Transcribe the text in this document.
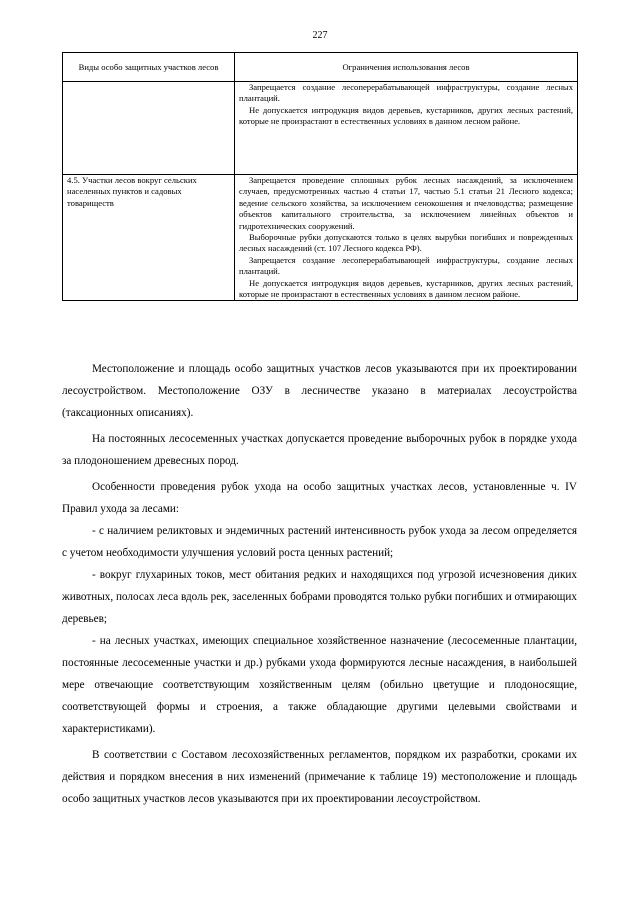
227
Виды особо защитных участков лесов	Ограничения использования лесов

	Запрещается создание лесоперерабатывающей инфраструктуры, создание лесных плантаций.

Не допускается интродукция видов деревьев, кустарников, других лесных растений, которые не произрастают в естественных условиях в данном лесном районе.

4.5. Участки лесов вокруг сельских населенных пунктов и садовых товариществ	Запрещается проведение сплошных рубок лесных насаждений, за исключением случаев, предусмотренных частью 4 статьи 17, частью 5.1 статьи 21 Лесного кодекса; ведение сельского хозяйства, за исключением сенокошения и пчеловодства; размещение объектов капитального строительства, за исключением линейных объектов и гидротехнических сооружений.

Выборочные рубки допускаются только в целях вырубки погибших и поврежденных лесных насаждений (ст. 107 Лесного кодекса РФ).

Запрещается создание лесоперерабатывающей инфраструктуры, создание лесных плантаций.

Не допускается интродукция видов деревьев, кустарников, других лесных растений, которые не произрастают в естественных условиях в данном лесном районе.

Местоположение и площадь особо защитных участков лесов указываются при их проектировании лесоустройством. Местоположение ОЗУ в лесничестве указано в материалах лесоустройства (таксационных описаниях).

На постоянных лесосеменных участках допускается проведение выборочных рубок в порядке ухода за плодоношением древесных пород.

Особенности проведения рубок ухода на особо защитных участках лесов, установленные ч. IV Правил ухода за лесами:

- с наличием реликтовых и эндемичных растений интенсивность рубок ухода за лесом определяется с учетом необходимости улучшения условий роста ценных растений;

- вокруг глухариных токов, мест обитания редких и находящихся под угрозой исчезновения диких животных, полосах леса вдоль рек, заселенных бобрами проводятся только рубки погибших и отмирающих деревьев;

- на лесных участках, имеющих специальное хозяйственное назначение (лесосеменные плантации, постоянные лесосеменные участки и др.) рубками ухода формируются лесные насаждения, в наибольшей мере отвечающие соответствующим хозяйственным целям (обильно цветущие и плодоносящие, соответствующей формы и строения, а также обладающие другими целевыми свойствами и характеристиками).

В соответствии с Составом лесохозяйственных регламентов, порядком их разработки, сроками их действия и порядком внесения в них изменений (примечание к таблице 19) местоположение и площадь особо защитных участков лесов указываются при их проектировании лесоустройством.
